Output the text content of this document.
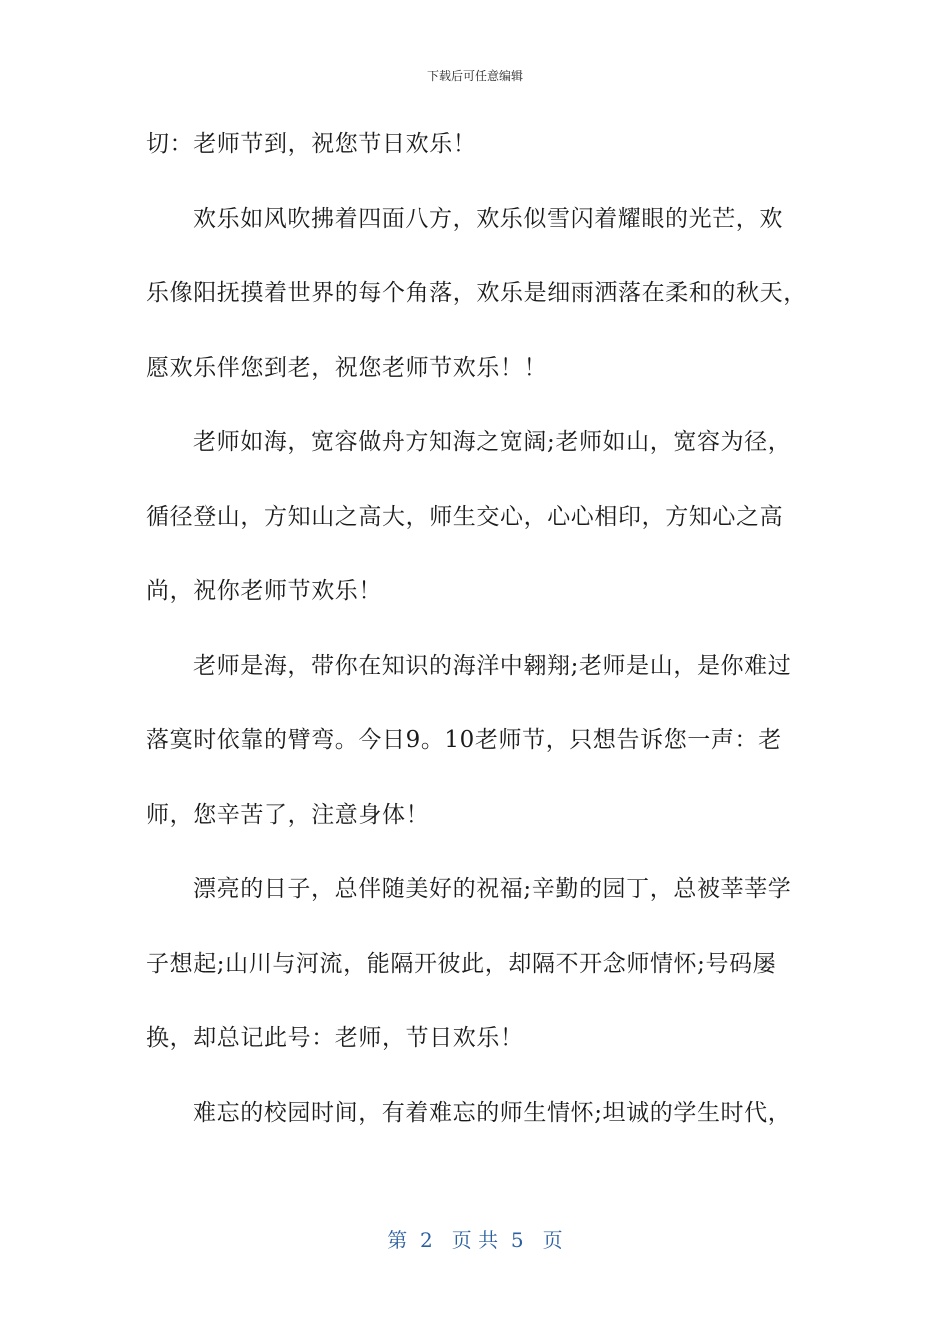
下载后可任意编辑
切：老师节到，祝您节日欢乐！
欢乐如风吹拂着四面八方，欢乐似雪闪着耀眼的光芒，欢
乐像阳抚摸着世界的每个角落，欢乐是细雨洒落在柔和的秋天，
愿欢乐伴您到老，祝您老师节欢乐！！
老师如海，宽容做舟方知海之宽阔;老师如山，宽容为径，
循径登山，方知山之高大，师生交心，心心相印，方知心之高
尚，祝你老师节欢乐！
老师是海，带你在知识的海洋中翱翔;老师是山，是你难过
落寞时依靠的臂弯。今日9。10老师节，只想告诉您一声：老
师，您辛苦了，注意身体！
漂亮的日子，总伴随美好的祝福;辛勤的园丁，总被莘莘学
子想起;山川与河流，能隔开彼此，却隔不开念师情怀;号码屡
换，却总记此号：老师，节日欢乐！
难忘的校园时间，有着难忘的师生情怀;坦诚的学生时代，
第  2   页 共  5   页
